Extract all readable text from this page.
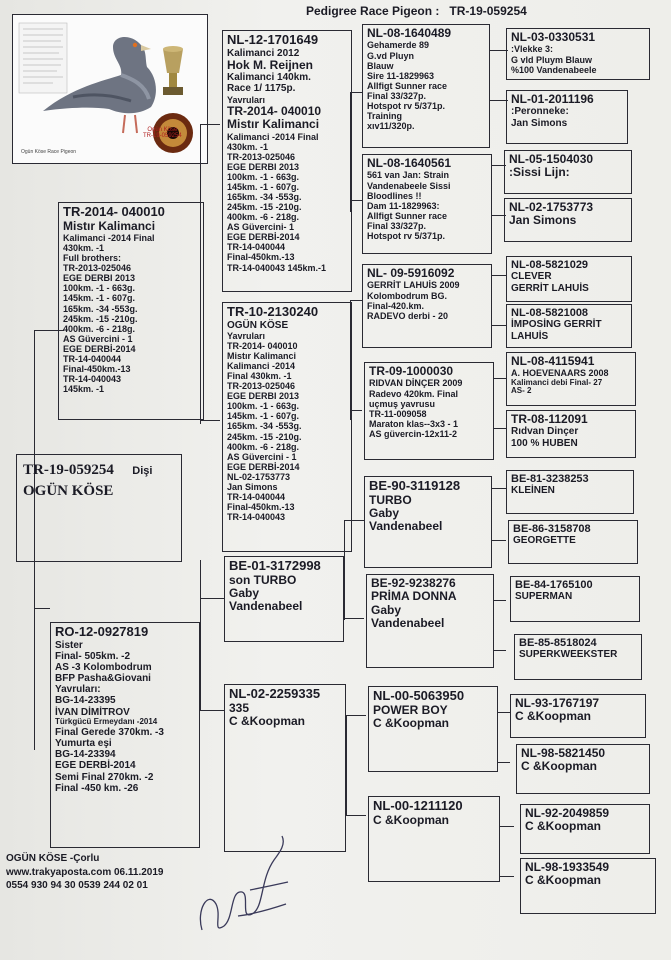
Pedigree Race Pigeon : TR-19-059254
Ogün Köse
TR-19-059254
Ogün Köse Race Pigeon
TR-19-059254 Dişi
OGÜN KÖSE
TR-2014- 040010
Mistır Kalimanci
Kalimanci -2014 Final
430km. -1
Full brothers:
TR-2013-025046
EGE DERBI 2013
100km. -1 - 663g.
145km. -1 - 607g.
165km. -34 -553g.
245km. -15 -210g.
400km. -6 - 218g.
AS Güvercini - 1
EGE DERBİ-2014
TR-14-040044
Final-450km.-13
TR-14-040043
145km. -1
RO-12-0927819
Sister
Final- 505km. -2
AS -3 Kolombodrum
BFP Pasha&Giovani
Yavruları:
BG-14-23395
İVAN DİMİTROV
Türkgücü Ermeydanı -2014
Final Gerede 370km. -3
Yumurta eşi
BG-14-23394
EGE DERBİ-2014
Semi Final 270km. -2
Final -450 km. -26
NL-12-1701649
Kalimanci 2012
Hok M. Reijnen
Kalimanci 140km.
Race 1/ 1175p.
Yavruları
TR-2014- 040010
Mistır Kalimanci
Kalimanci -2014 Final
430km. -1
TR-2013-025046
EGE DERBI 2013
100km. -1 - 663g.
145km. -1 - 607g.
165km. -34 -553g.
245km. -15 -210g.
400km. -6 - 218g.
AS Güvercini- 1
EGE DERBİ-2014
TR-14-040044
Final-450km.-13
TR-14-040043 145km.-1
TR-10-2130240
OGÜN KÖSE
Yavruları
TR-2014- 040010
Mistır Kalimanci
Kalimanci -2014
Final 430km. -1
TR-2013-025046
EGE DERBI 2013
100km. -1 - 663g.
145km. -1 - 607g.
165km. -34 -553g.
245km. -15 -210g.
400km. -6 - 218g.
AS Güvercini - 1
EGE DERBİ-2014
NL-02-1753773
Jan Simons
TR-14-040044
Final-450km.-13
TR-14-040043
BE-01-3172998
son TURBO
Gaby
Vandenabeel
NL-02-2259335
335
C &Koopman
NL-08-1640489
Gehamerde 89
G.vd Pluyn
Blauw
Sire 11-1829963
Allfigt Sunner race
Final 33/327p.
Hotspot rv 5/371p.
Training
xıv11/320p.
NL-08-1640561
561 van Jan: Strain
Vandenabeele Sissi
Bloodlines !!
Dam 11-1829963:
Allfigt Sunner race
Final 33/327p.
Hotspot rv 5/371p.
NL- 09-5916092
GERRİT LAHUİS 2009
Kolombodrum BG.
Final-420.km.
RADEVO derbi - 20
TR-09-1000030
RIDVAN DİNÇER 2009
Radevo 420km. Final
uçmuş yavrusu
TR-11-009058
Maraton klas--3x3 - 1
AS güvercin-12x11-2
BE-90-3119128
TURBO
Gaby
Vandenabeel
BE-92-9238276
PRİMA DONNA
Gaby
Vandenabeel
NL-00-5063950
POWER BOY
C &Koopman
NL-00-1211120
C &Koopman
NL-03-0330531
:Vlekke 3:
G vld Pluym Blauw
%100 Vandenabeele
NL-01-2011196
:Peronneke:
Jan Simons
NL-05-1504030
:Sissi Lijn:
NL-02-1753773
Jan Simons
NL-08-5821029
CLEVER
GERRİT LAHUİS
NL-08-5821008
İMPOSİNG GERRİT
LAHUİS
NL-08-4115941
A. HOEVENAARS 2008
Kalimanci debi Final- 27
AS- 2
TR-08-112091
Rıdvan Dinçer
100 % HUBEN
BE-81-3238253
KLEİNEN
BE-86-3158708
GEORGETTE
BE-84-1765100
SUPERMAN
BE-85-8518024
SUPERKWEEKSTER
NL-93-1767197
C &Koopman
NL-98-5821450
C &Koopman
NL-92-2049859
C &Koopman
NL-98-1933549
C &Koopman
OGÜN KÖSE -Çorlu
www.trakyaposta.com 06.11.2019
0554 930 94 30 0539 244 02 01
